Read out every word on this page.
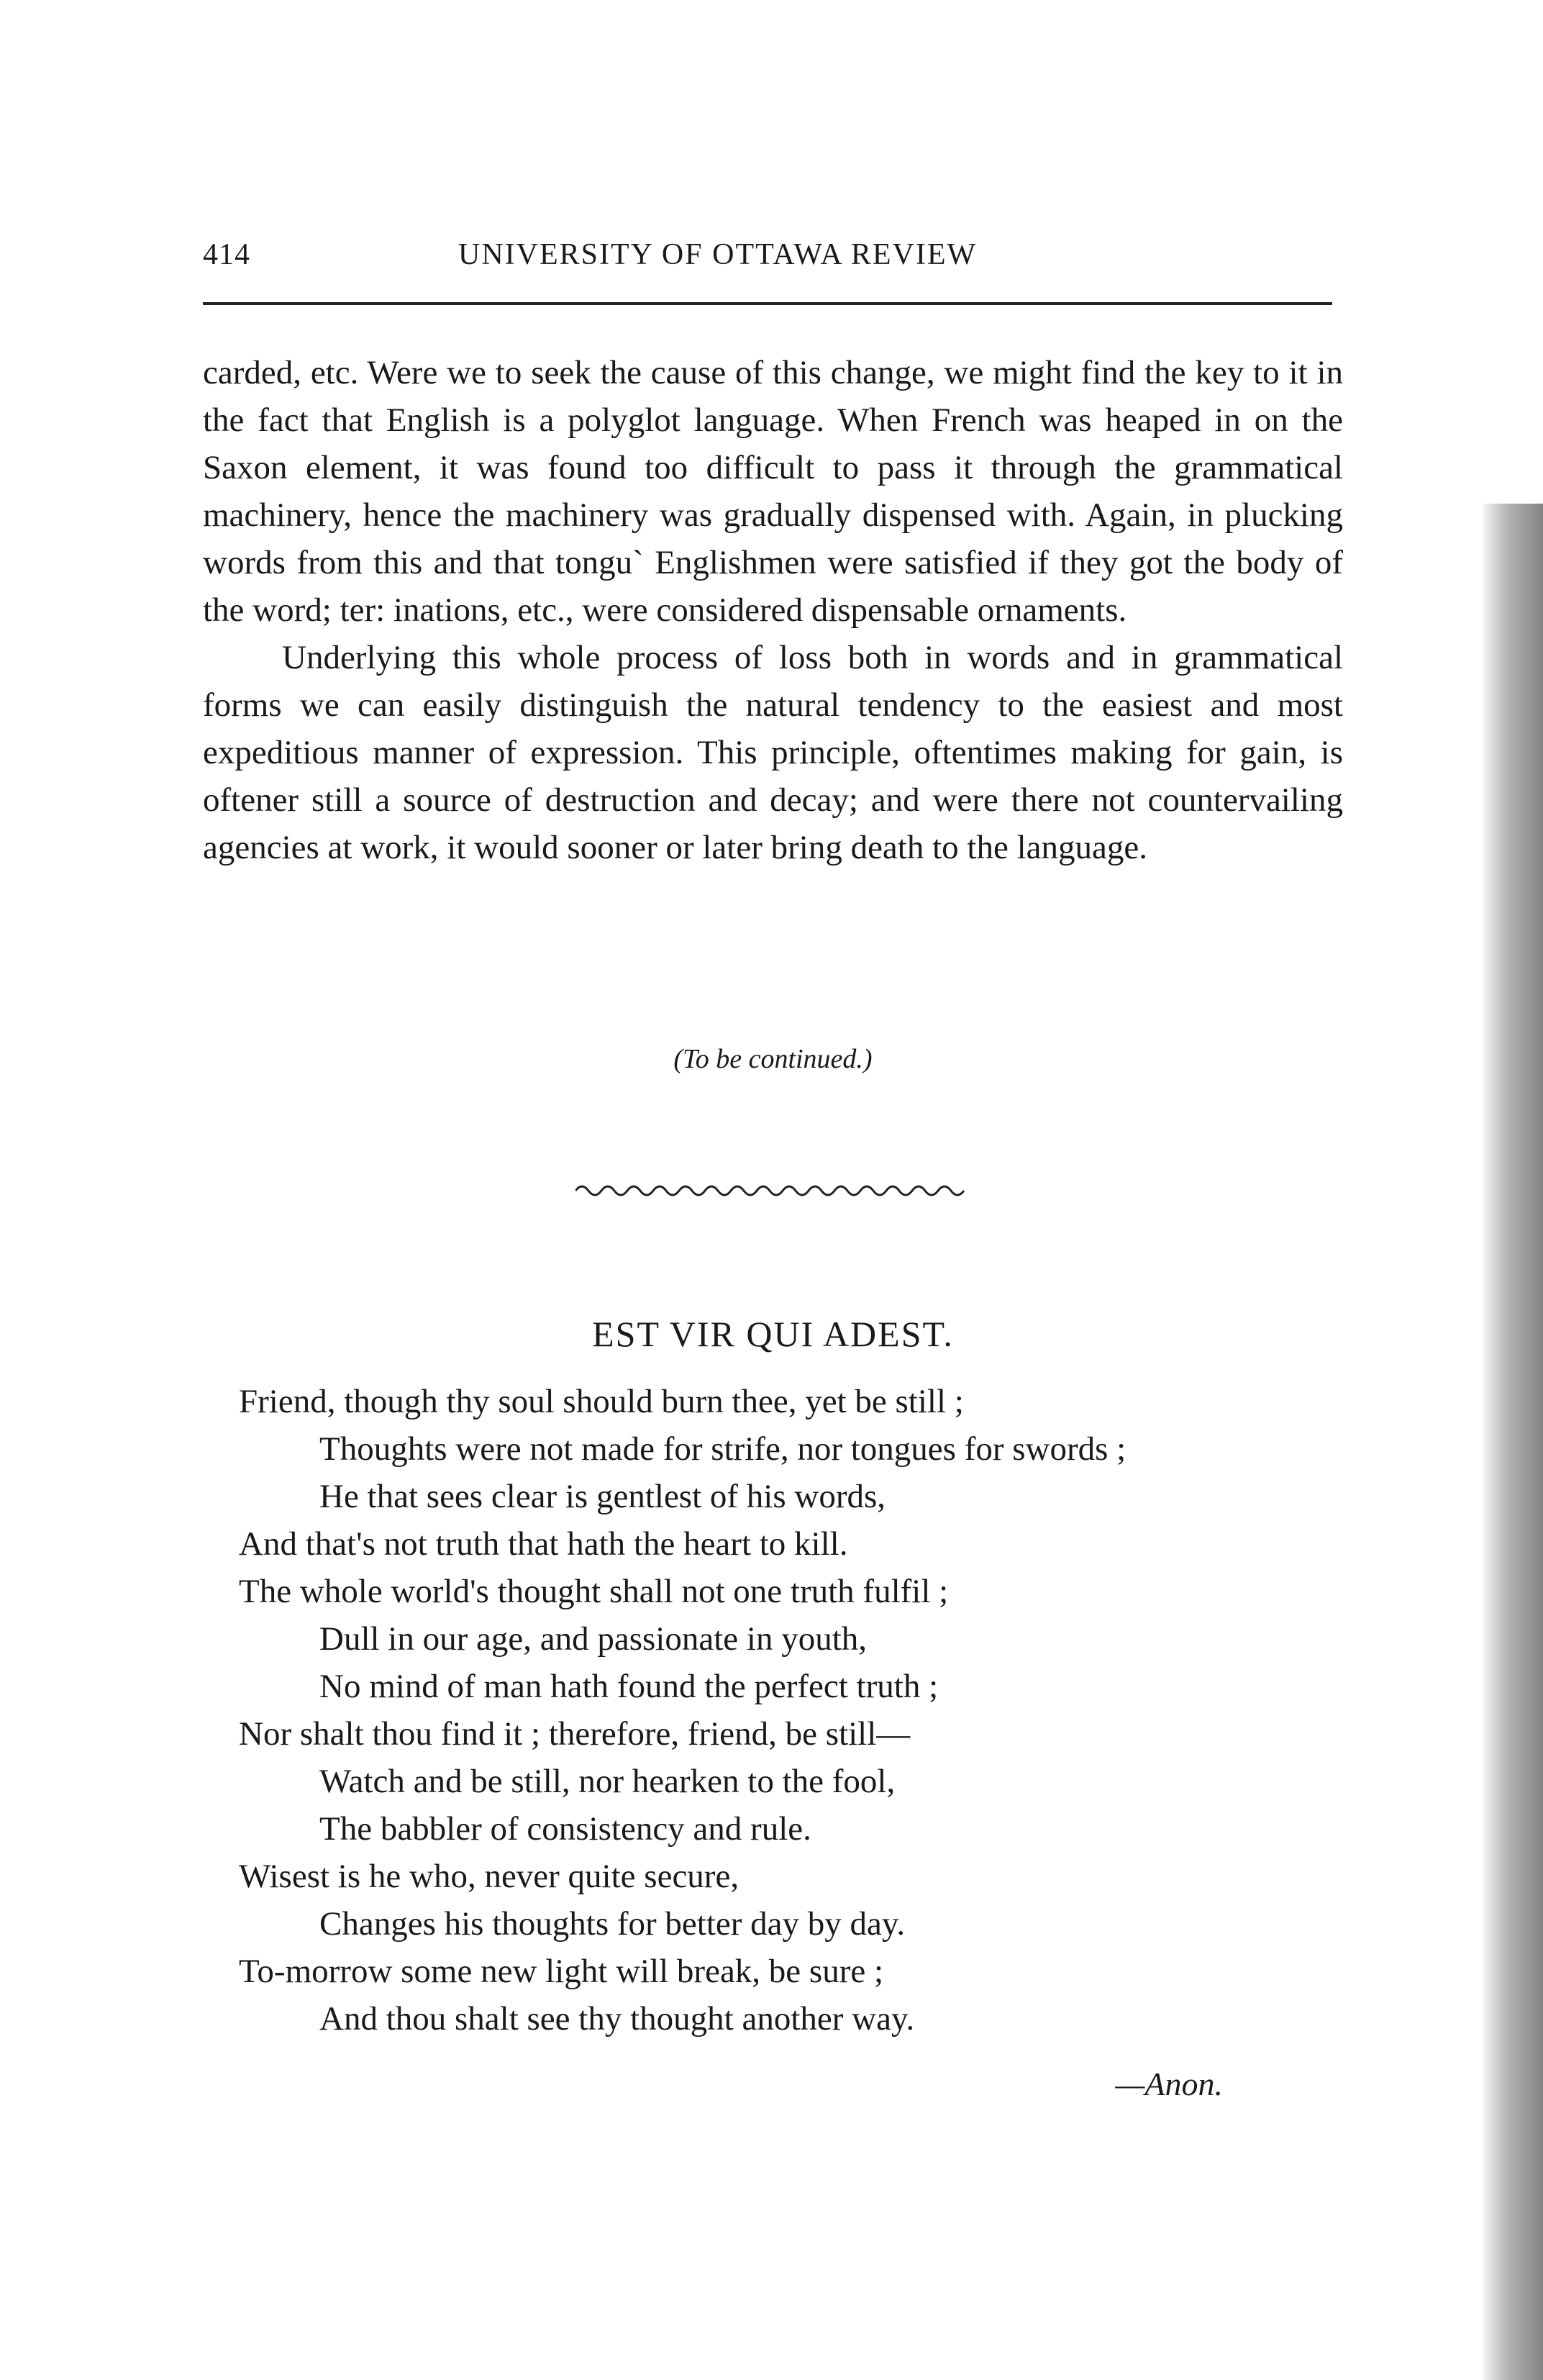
414	UNIVERSITY OF OTTAWA REVIEW

carded, etc. Were we to seek the cause of this change, we might find the key to it in the fact that English is a polyglot language. When French was heaped in on the Saxon element, it was found too difficult to pass it through the grammatical machinery, hence the machinery was gradually dispensed with. Again, in plucking words from this and that tongu` Englishmen were satisfied if they got the body of the word; ter: inations, etc., were considered dispensable ornaments.

Underlying this whole process of loss both in words and in grammatical forms we can easily distinguish the natural tendency to the easiest and most expeditious manner of expression. This principle, oftentimes making for gain, is oftener still a source of destruction and decay; and were there not countervailing agencies at work, it would sooner or later bring death to the language.

(To be continued.)
EST VIR QUI ADEST.
Friend, though thy soul should burn thee, yet be still ;
Thoughts were not made for strife, nor tongues for swords ;
He that sees clear is gentlest of his words,
And that's not truth that hath the heart to kill.
The whole world's thought shall not one truth fulfil ;
Dull in our age, and passionate in youth,
No mind of man hath found the perfect truth ;
Nor shalt thou find it ; therefore, friend, be still—
Watch and be still, nor hearken to the fool,
The babbler of consistency and rule.
Wisest is he who, never quite secure,
Changes his thoughts for better day by day.
To-morrow some new light will break, be sure ;
And thou shalt see thy thought another way.
—Anon.
